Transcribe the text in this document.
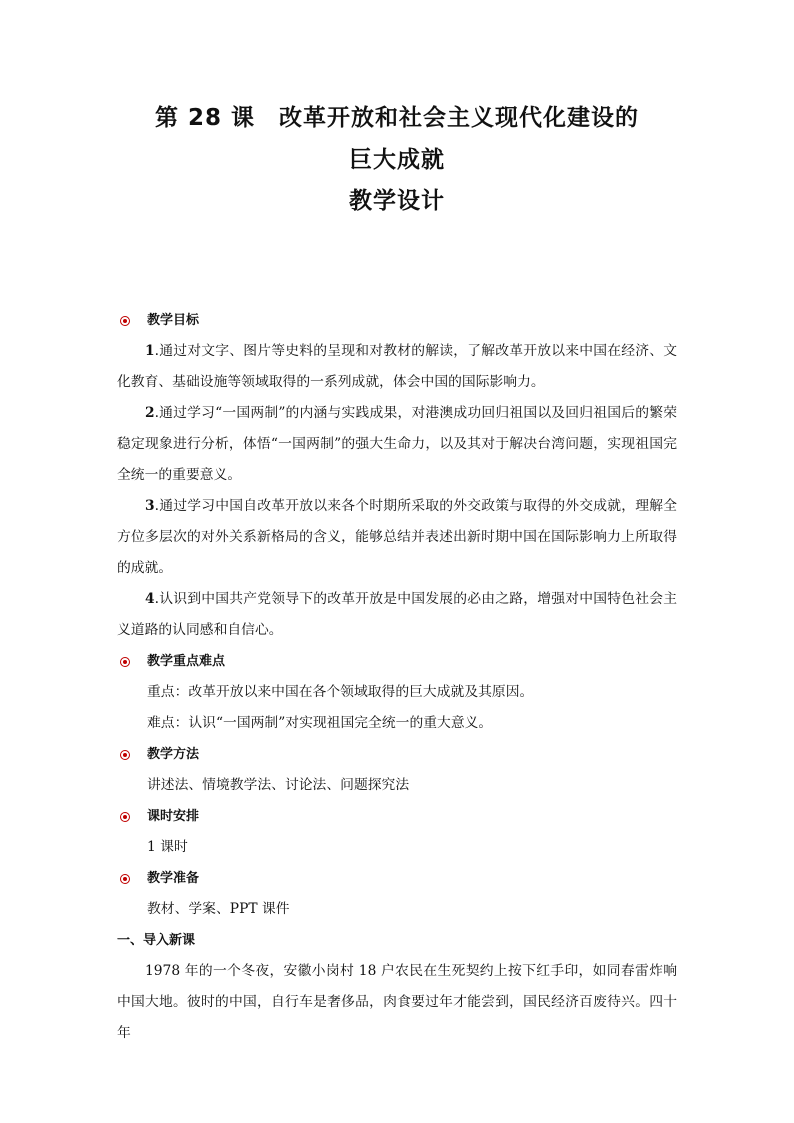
第 28 课　改革开放和社会主义现代化建设的
巨大成就
教学设计
教学目标

1.通过对文字、图片等史料的呈现和对教材的解读，了解改革开放以来中国在经济、文化教育、基础设施等领域取得的一系列成就，体会中国的国际影响力。

2.通过学习“一国两制”的内涵与实践成果，对港澳成功回归祖国以及回归祖国后的繁荣稳定现象进行分析，体悟“一国两制”的强大生命力，以及其对于解决台湾问题，实现祖国完全统一的重要意义。

3.通过学习中国自改革开放以来各个时期所采取的外交政策与取得的外交成就，理解全方位多层次的对外关系新格局的含义，能够总结并表述出新时期中国在国际影响力上所取得的成就。

4.认识到中国共产党领导下的改革开放是中国发展的必由之路，增强对中国特色社会主义道路的认同感和自信心。

教学重点难点

重点：改革开放以来中国在各个领域取得的巨大成就及其原因。

难点：认识“一国两制”对实现祖国完全统一的重大意义。

教学方法

讲述法、情境教学法、讨论法、问题探究法

课时安排

1 课时

教学准备

教材、学案、PPT 课件

一、导入新课

1978 年的一个冬夜，安徽小岗村 18 户农民在生死契约上按下红手印，如同春雷炸响中国大地。彼时的中国，自行车是奢侈品，肉食要过年才能尝到，国民经济百废待兴。四十年
